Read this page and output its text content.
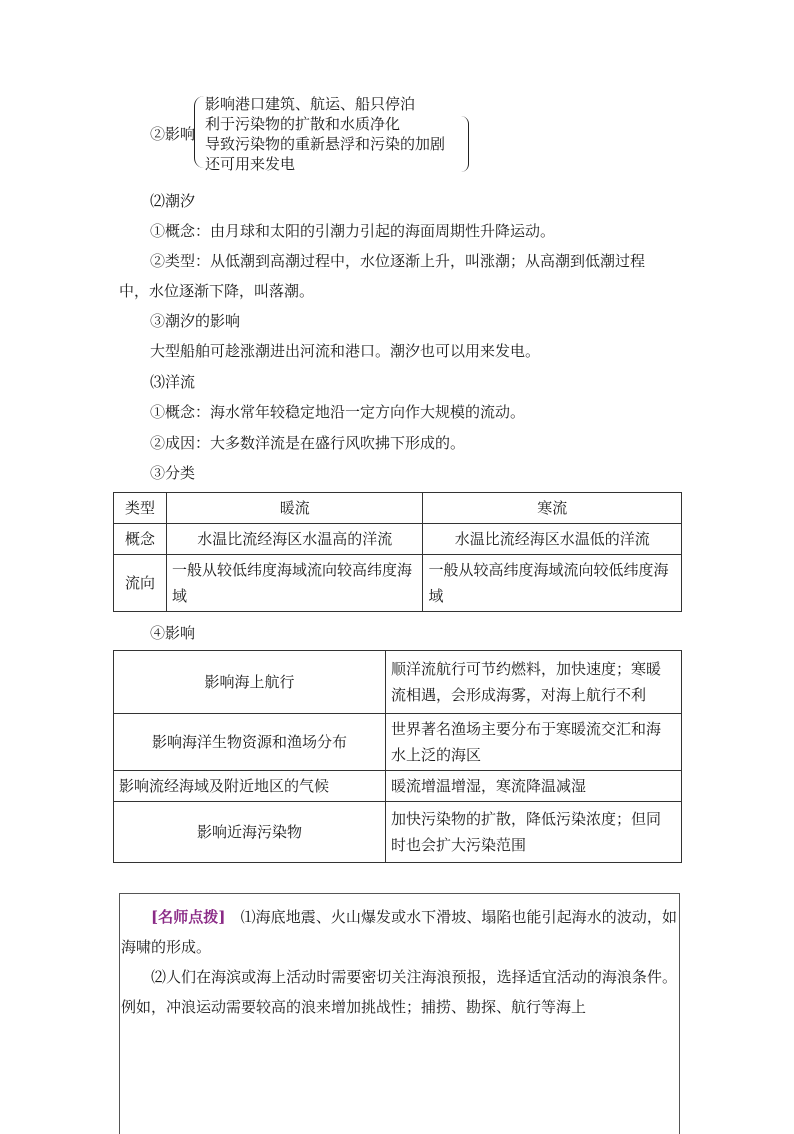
②影响
影响港口建筑、航运、船只停泊
利于污染物的扩散和水质净化
导致污染物的重新悬浮和污染的加剧
还可用来发电
⑵潮汐
①概念：由月球和太阳的引潮力引起的海面周期性升降运动。
②类型：从低潮到高潮过程中，水位逐渐上升，叫涨潮；从高潮到低潮过程
中，水位逐渐下降，叫落潮。
③潮汐的影响
大型船舶可趁涨潮进出河流和港口。潮汐也可以用来发电。
⑶洋流
①概念：海水常年较稳定地沿一定方向作大规模的流动。
②成因：大多数洋流是在盛行风吹拂下形成的。
③分类
类型	暖流	寒流
概念	水温比流经海区水温高的洋流	水温比流经海区水温低的洋流
流向	一般从较低纬度海域流向较高纬度海域	一般从较高纬度海域流向较低纬度海域
④影响
影响海上航行	顺洋流航行可节约燃料，加快速度；寒暖流相遇，会形成海雾，对海上航行不利
影响海洋生物资源和渔场分布	世界著名渔场主要分布于寒暖流交汇和海水上泛的海区
影响流经海域及附近地区的气候	暖流增温增湿，寒流降温减湿
影响近海污染物	加快污染物的扩散，降低污染浓度；但同时也会扩大污染范围

[名师点拨]　 ⑴海底地震、火山爆发或水下滑坡、塌陷也能引起海水的波动，如海啸的形成。

⑵人们在海滨或海上活动时需要密切关注海浪预报，选择适宜活动的海浪条件。例如，冲浪运动需要较高的浪来增加挑战性；捕捞、勘探、航行等海上
